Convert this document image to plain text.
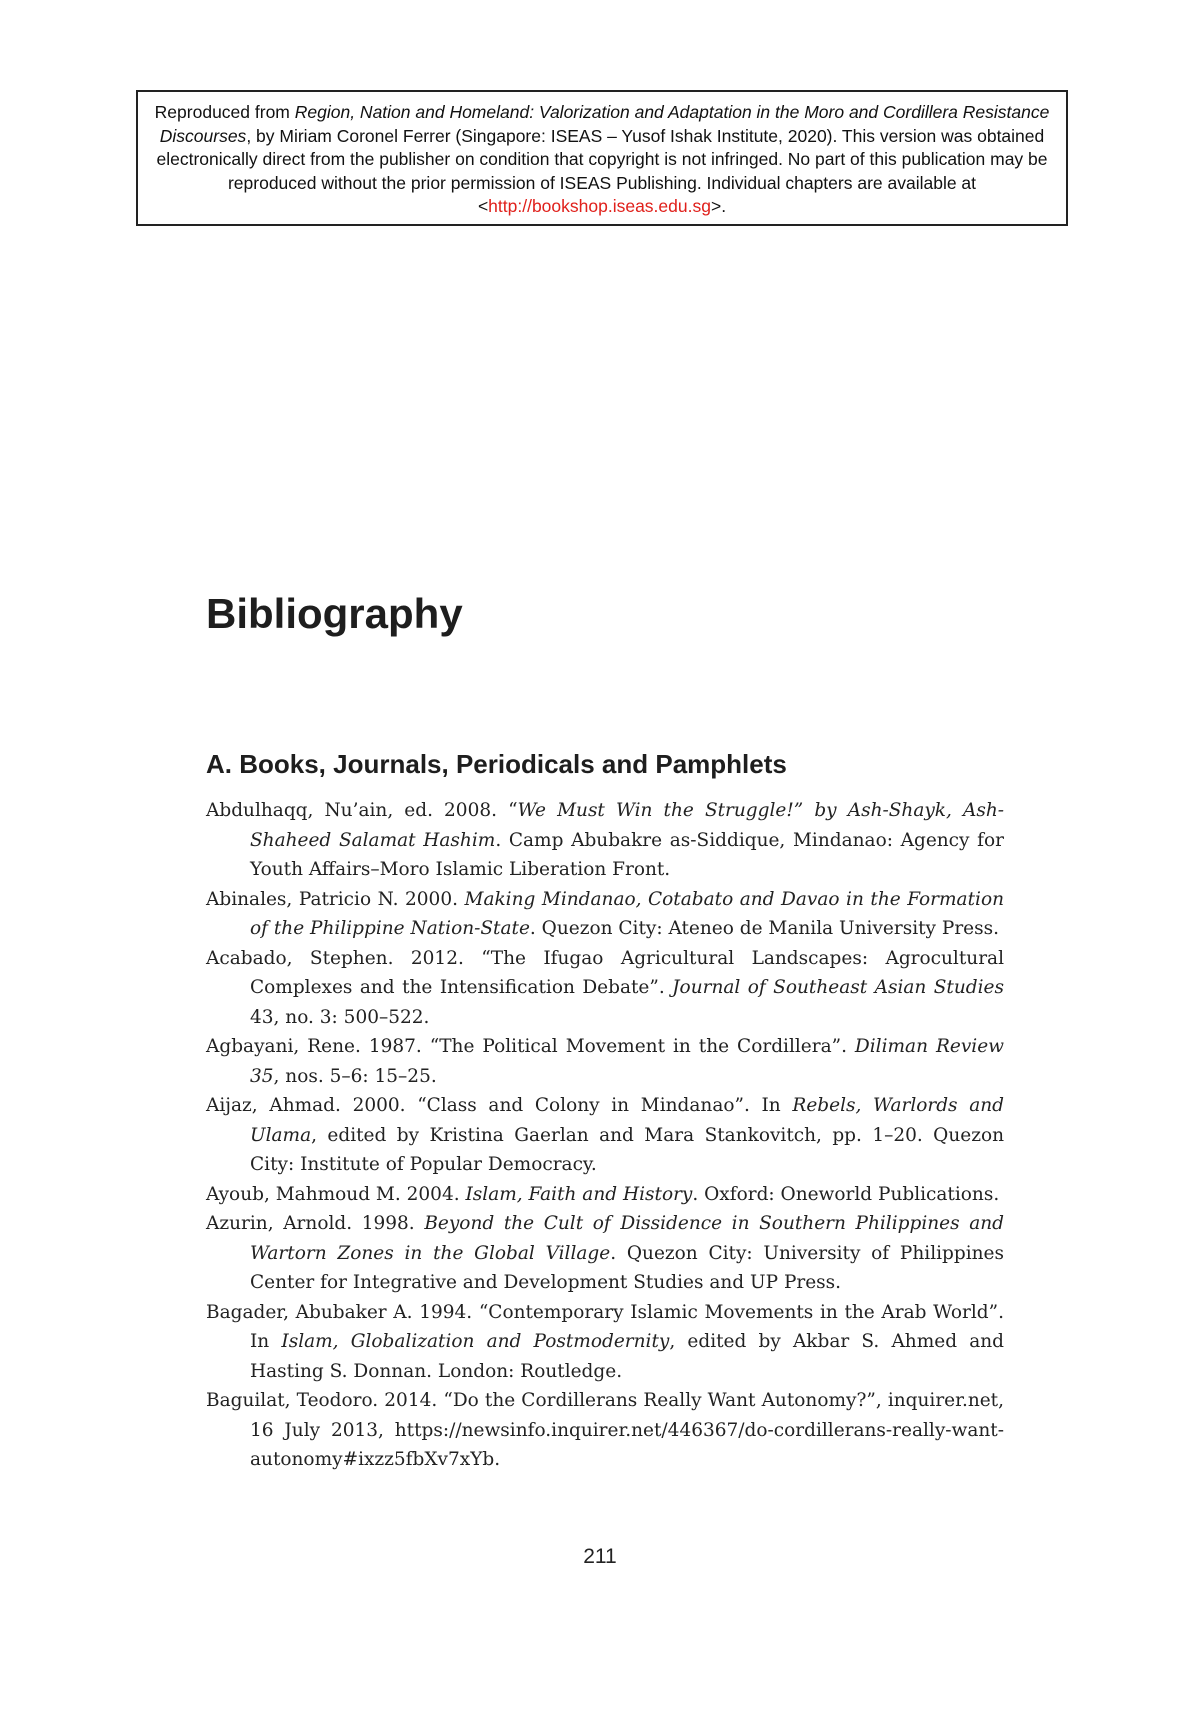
Reproduced from Region, Nation and Homeland: Valorization and Adaptation in the Moro and Cordillera Resistance Discourses, by Miriam Coronel Ferrer (Singapore: ISEAS – Yusof Ishak Institute, 2020). This version was obtained electronically direct from the publisher on condition that copyright is not infringed. No part of this publication may be reproduced without the prior permission of ISEAS Publishing. Individual chapters are available at <http://bookshop.iseas.edu.sg>.
Bibliography
A. Books, Journals, Periodicals and Pamphlets

Abdulhaqq, Nu’ain, ed. 2008. “We Must Win the Struggle!” by Ash-Shayk, Ash-Shaheed Salamat Hashim. Camp Abubakre as-Siddique, Mindanao: Agency for Youth Affairs–Moro Islamic Liberation Front.

Abinales, Patricio N. 2000. Making Mindanao, Cotabato and Davao in the Formation of the Philippine Nation-State. Quezon City: Ateneo de Manila University Press.

Acabado, Stephen. 2012. “The Ifugao Agricultural Landscapes: Agrocultural Complexes and the Intensification Debate”. Journal of Southeast Asian Studies 43, no. 3: 500–522.

Agbayani, Rene. 1987. “The Political Movement in the Cordillera”. Diliman Review 35, nos. 5–6: 15–25.

Aijaz, Ahmad. 2000. “Class and Colony in Mindanao”. In Rebels, Warlords and Ulama, edited by Kristina Gaerlan and Mara Stankovitch, pp. 1–20. Quezon City: Institute of Popular Democracy.

Ayoub, Mahmoud M. 2004. Islam, Faith and History. Oxford: Oneworld Publications.

Azurin, Arnold. 1998. Beyond the Cult of Dissidence in Southern Philippines and Wartorn Zones in the Global Village. Quezon City: University of Philippines Center for Integrative and Development Studies and UP Press.

Bagader, Abubaker A. 1994. “Contemporary Islamic Movements in the Arab World”. In Islam, Globalization and Postmodernity, edited by Akbar S. Ahmed and Hasting S. Donnan. London: Routledge.

Baguilat, Teodoro. 2014. “Do the Cordillerans Really Want Autonomy?”, inquirer.net, 16 July 2013, https://newsinfo.inquirer.net/446367/do-cordillerans-really-want-autonomy#ixzz5fbXv7xYb.

211
